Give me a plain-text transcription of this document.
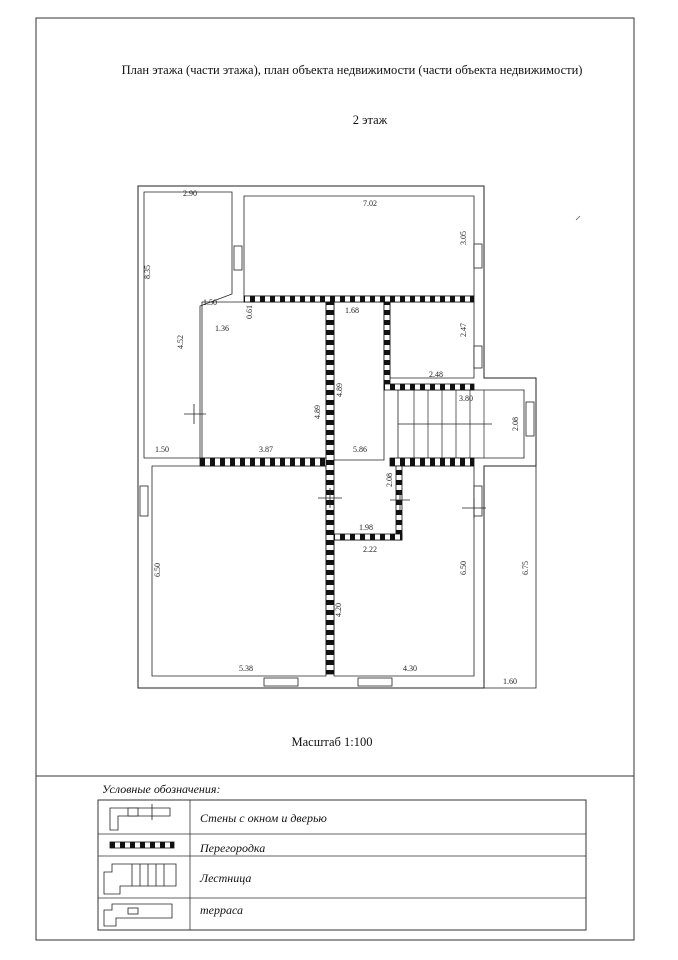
План этажа (части этажа), план объекта недвижимости (части объекта недвижимости)
2 этаж
2.90
8.35
7.02
3.05
1.50
0.61	1.68
1.36
4.52
2.47
4.89
4.89
2.48
3.80
2.08
1.50	3.87	5.86
2.08
6.50
1.98
2.22
6.50	6.75
4.20
5.38	4.30
1.60
Масштаб 1:100
Условные обозначения:
Стены с окном и дверью
Перегородка
Лестница
терраса
